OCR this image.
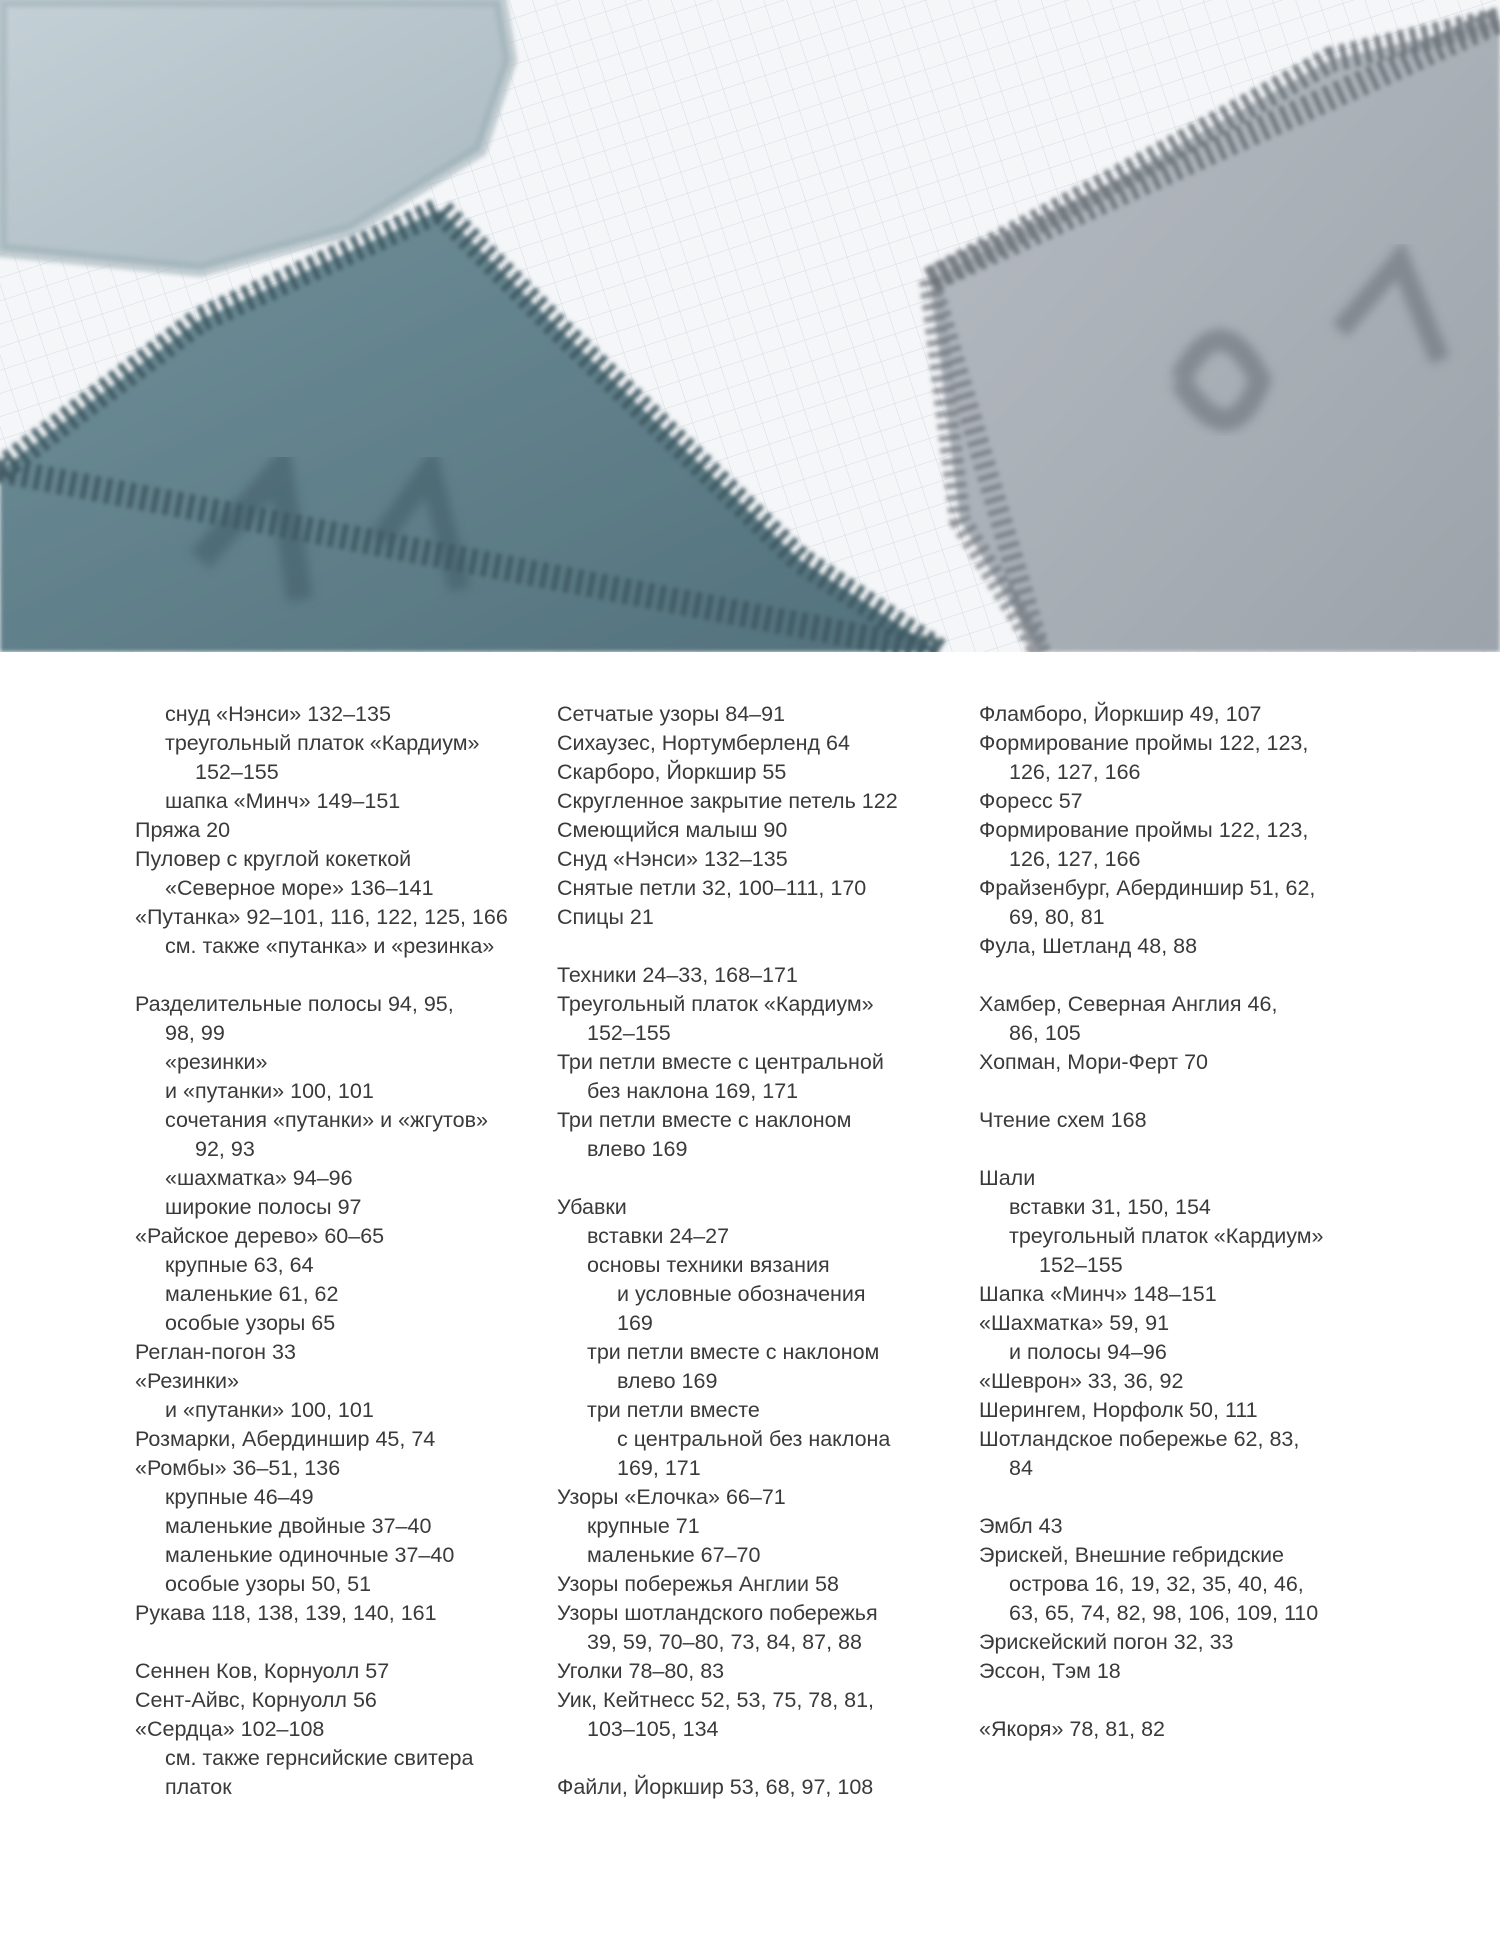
снуд «Нэнси» 132–135
треугольный платок «Кардиум»
152–155
шапка «Минч» 149–151
Пряжа 20
Пуловер с круглой кокеткой
«Северное море» 136–141
«Путанка» 92–101, 116, 122, 125, 166
см. также «путанка» и «резинка»
Разделительные полосы 94, 95,
98, 99
«резинки»
и «путанки» 100, 101
сочетания «путанки» и «жгутов»
92, 93
«шахматка» 94–96
широкие полосы 97
«Райское дерево» 60–65
крупные 63, 64
маленькие 61, 62
особые узоры 65
Реглан-погон 33
«Резинки»
и «путанки» 100, 101
Розмарки, Абердиншир 45, 74
«Ромбы» 36–51, 136
крупные 46–49
маленькие двойные 37–40
маленькие одиночные 37–40
особые узоры 50, 51
Рукава 118, 138, 139, 140, 161
Сеннен Ков, Корнуолл 57
Сент-Айвс, Корнуолл 56
«Сердца» 102–108
см. также гернсийские свитера
платок
Сетчатые узоры 84–91
Сихаузес, Нортумберленд 64
Скарборо, Йоркшир 55
Скругленное закрытие петель 122
Смеющийся малыш 90
Снуд «Нэнси» 132–135
Снятые петли 32, 100–111, 170
Спицы 21
Техники 24–33, 168–171
Треугольный платок «Кардиум»
152–155
Три петли вместе с центральной
без наклона 169, 171
Три петли вместе с наклоном
влево 169
Убавки
вставки 24–27
основы техники вязания
и условные обозначения
169
три петли вместе с наклоном
влево 169
три петли вместе
с центральной без наклона
169, 171
Узоры «Елочка» 66–71
крупные 71
маленькие 67–70
Узоры побережья Англии 58
Узоры шотландского побережья
39, 59, 70–80, 73, 84, 87, 88
Уголки 78–80, 83
Уик, Кейтнесс 52, 53, 75, 78, 81,
103–105, 134
Файли, Йоркшир 53, 68, 97, 108
Фламборо, Йоркшир 49, 107
Формирование проймы 122, 123,
126, 127, 166
Форесс 57
Формирование проймы 122, 123,
126, 127, 166
Фрайзенбург, Абердиншир 51, 62,
69, 80, 81
Фула, Шетланд 48, 88
Хамбер, Северная Англия 46,
86, 105
Хопман, Мори-Ферт 70
Чтение схем 168
Шали
вставки 31, 150, 154
треугольный платок «Кардиум»
152–155
Шапка «Минч» 148–151
«Шахматка» 59, 91
и полосы 94–96
«Шеврон» 33, 36, 92
Шерингем, Норфолк 50, 111
Шотландское побережье 62, 83,
84
Эмбл 43
Эрискей, Внешние гебридские
острова 16, 19, 32, 35, 40, 46,
63, 65, 74, 82, 98, 106, 109, 110
Эрискейский погон 32, 33
Эссон, Тэм 18
«Якоря» 78, 81, 82
